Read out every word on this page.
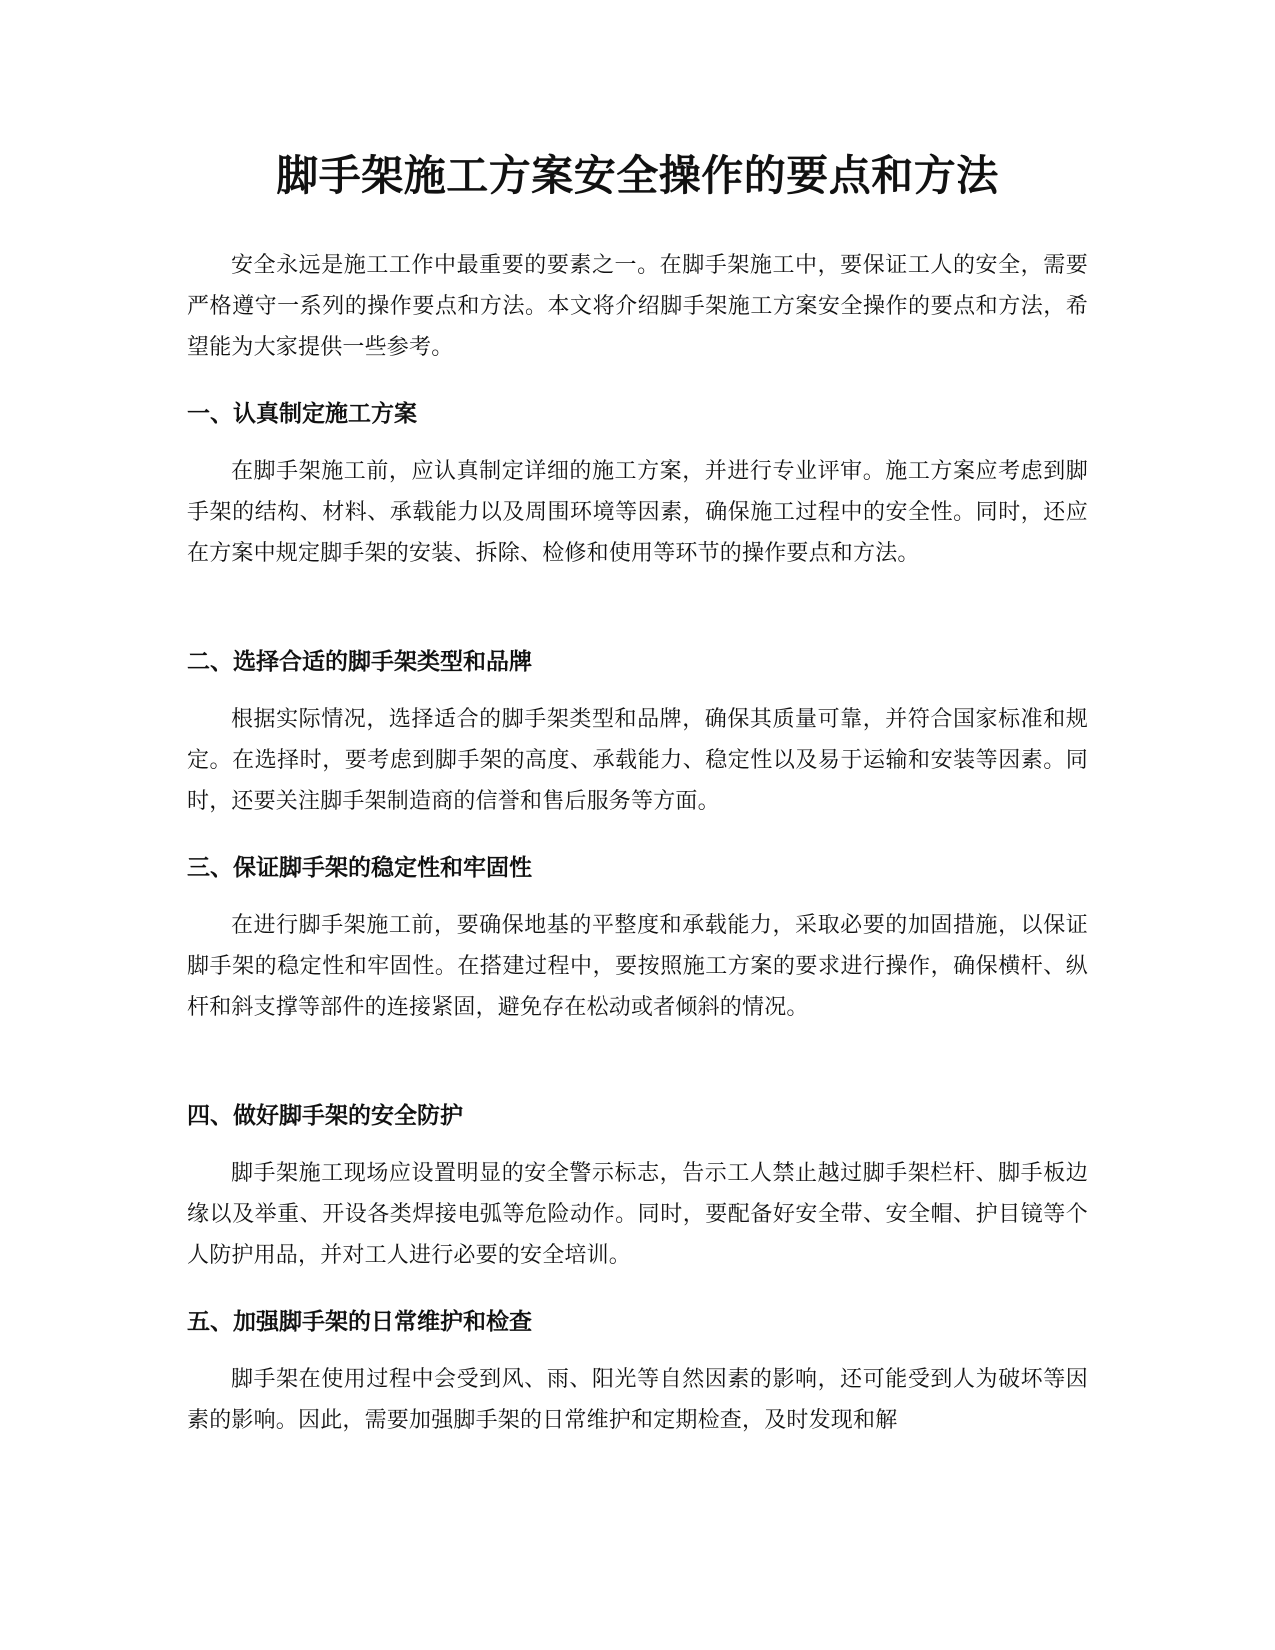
脚手架施工方案安全操作的要点和方法

安全永远是施工工作中最重要的要素之一。在脚手架施工中，要保证工人的安全，需要严格遵守一系列的操作要点和方法。本文将介绍脚手架施工方案安全操作的要点和方法，希望能为大家提供一些参考。

一、认真制定施工方案

在脚手架施工前，应认真制定详细的施工方案，并进行专业评审。施工方案应考虑到脚手架的结构、材料、承载能力以及周围环境等因素，确保施工过程中的安全性。同时，还应在方案中规定脚手架的安装、拆除、检修和使用等环节的操作要点和方法。

二、选择合适的脚手架类型和品牌

根据实际情况，选择适合的脚手架类型和品牌，确保其质量可靠，并符合国家标准和规定。在选择时，要考虑到脚手架的高度、承载能力、稳定性以及易于运输和安装等因素。同时，还要关注脚手架制造商的信誉和售后服务等方面。

三、保证脚手架的稳定性和牢固性

在进行脚手架施工前，要确保地基的平整度和承载能力，采取必要的加固措施，以保证脚手架的稳定性和牢固性。在搭建过程中，要按照施工方案的要求进行操作，确保横杆、纵杆和斜支撑等部件的连接紧固，避免存在松动或者倾斜的情况。

四、做好脚手架的安全防护

脚手架施工现场应设置明显的安全警示标志，告示工人禁止越过脚手架栏杆、脚手板边缘以及举重、开设各类焊接电弧等危险动作。同时，要配备好安全带、安全帽、护目镜等个人防护用品，并对工人进行必要的安全培训。

五、加强脚手架的日常维护和检查

脚手架在使用过程中会受到风、雨、阳光等自然因素的影响，还可能受到人为破坏等因素的影响。因此，需要加强脚手架的日常维护和定期检查，及时发现和解
